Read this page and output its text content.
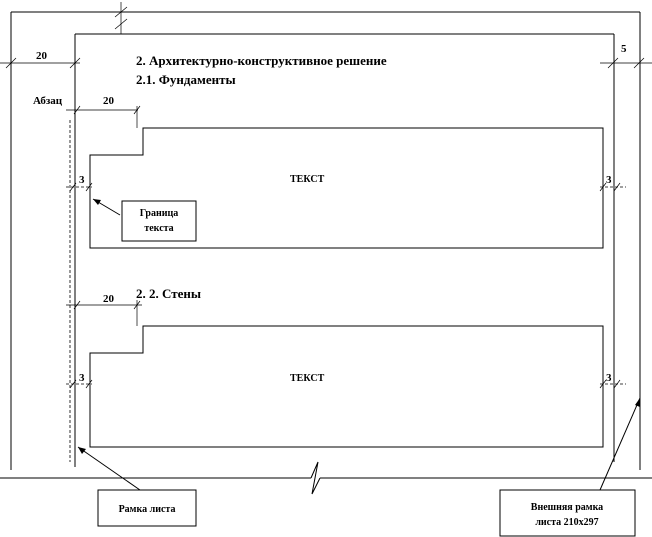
20
5
2. Архитектурно-конструктивное решение
2.1. Фундаменты
Абзац	20
ТЕКСТ
3	3
Граница
текста
2. 2. Стены
20
ТЕКСТ
3	3
Рамка листа	Внешняя рамка
листа 210х297
